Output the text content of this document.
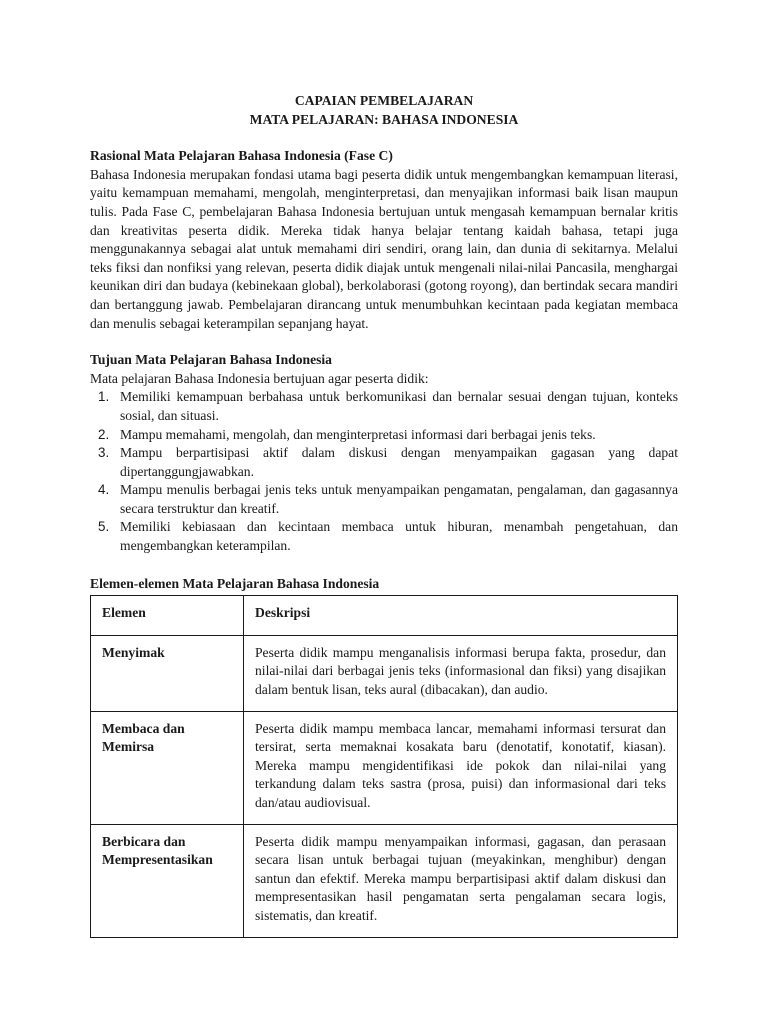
CAPAIAN PEMBELAJARAN
MATA PELAJARAN: BAHASA INDONESIA
Rasional Mata Pelajaran Bahasa Indonesia (Fase C)

Bahasa Indonesia merupakan fondasi utama bagi peserta didik untuk mengembangkan kemampuan literasi, yaitu kemampuan memahami, mengolah, menginterpretasi, dan menyajikan informasi baik lisan maupun tulis. Pada Fase C, pembelajaran Bahasa Indonesia bertujuan untuk mengasah kemampuan bernalar kritis dan kreativitas peserta didik. Mereka tidak hanya belajar tentang kaidah bahasa, tetapi juga menggunakannya sebagai alat untuk memahami diri sendiri, orang lain, dan dunia di sekitarnya. Melalui teks fiksi dan nonfiksi yang relevan, peserta didik diajak untuk mengenali nilai-nilai Pancasila, menghargai keunikan diri dan budaya (kebinekaan global), berkolaborasi (gotong royong), dan bertindak secara mandiri dan bertanggung jawab. Pembelajaran dirancang untuk menumbuhkan kecintaan pada kegiatan membaca dan menulis sebagai keterampilan sepanjang hayat.

Tujuan Mata Pelajaran Bahasa Indonesia

Mata pelajaran Bahasa Indonesia bertujuan agar peserta didik:

1. Memiliki kemampuan berbahasa untuk berkomunikasi dan bernalar sesuai dengan tujuan, konteks sosial, dan situasi.
2. Mampu memahami, mengolah, dan menginterpretasi informasi dari berbagai jenis teks.
3. Mampu berpartisipasi aktif dalam diskusi dengan menyampaikan gagasan yang dapat dipertanggungjawabkan.
4. Mampu menulis berbagai jenis teks untuk menyampaikan pengamatan, pengalaman, dan gagasannya secara terstruktur dan kreatif.
5. Memiliki kebiasaan dan kecintaan membaca untuk hiburan, menambah pengetahuan, dan mengembangkan keterampilan.
Elemen-elemen Mata Pelajaran Bahasa Indonesia
Elemen	Deskripsi
Menyimak	Peserta didik mampu menganalisis informasi berupa fakta, prosedur, dan nilai-nilai dari berbagai jenis teks (informasional dan fiksi) yang disajikan dalam bentuk lisan, teks aural (dibacakan), dan audio.
Membaca dan Memirsa	Peserta didik mampu membaca lancar, memahami informasi tersurat dan tersirat, serta memaknai kosakata baru (denotatif, konotatif, kiasan). Mereka mampu mengidentifikasi ide pokok dan nilai-nilai yang terkandung dalam teks sastra (prosa, puisi) dan informasional dari teks dan/atau audiovisual.
Berbicara dan Mempresentasikan	Peserta didik mampu menyampaikan informasi, gagasan, dan perasaan secara lisan untuk berbagai tujuan (meyakinkan, menghibur) dengan santun dan efektif. Mereka mampu berpartisipasi aktif dalam diskusi dan mempresentasikan hasil pengamatan serta pengalaman secara logis, sistematis, dan kreatif.
